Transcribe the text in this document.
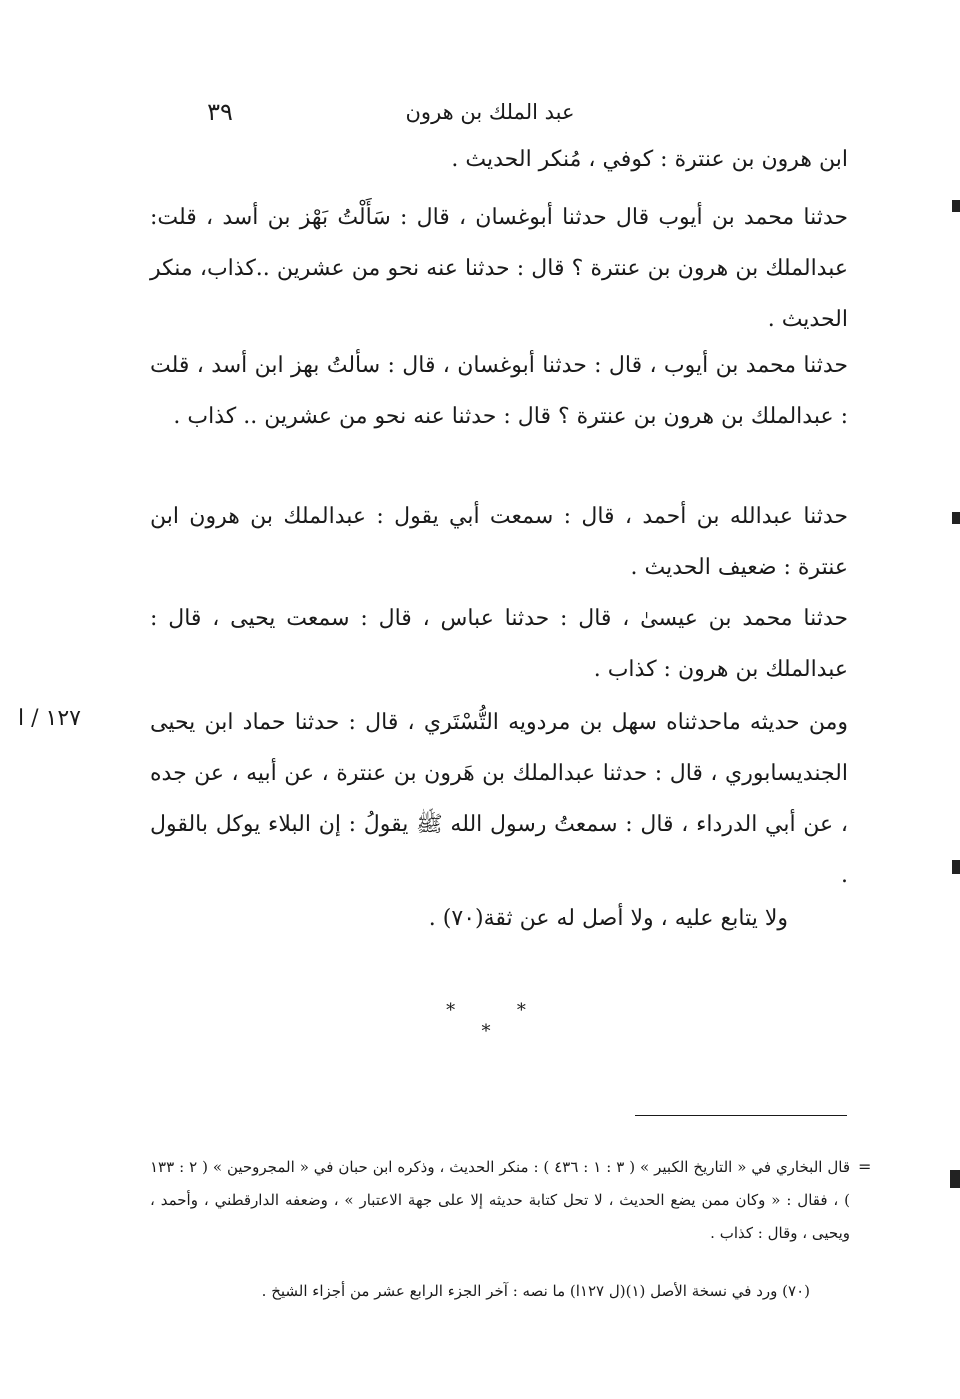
عبد الملك بن هرون
٣٩
ابن هرون بن عنترة : كوفي ، مُنكر الحديث .

حدثنا محمد بن أيوب قال حدثنا أبوغسان ، قال : سَأَلْتُ بَهْز بن أسد ، قلت: عبدالملك بن هرون بن عنترة ؟ قال : حدثنا عنه نحو من عشرين ..كذاب، منكر الحديث .

حدثنا محمد بن أيوب ، قال : حدثنا أبوغسان ، قال : سألتُ بهز ابن أسد ، قلت : عبدالملك بن هرون بن عنترة ؟ قال : حدثنا عنه نحو من عشرين .. كذاب .

حدثنا عبدالله بن أحمد ، قال : سمعت أبي يقول : عبدالملك بن هرون ابن عنترة : ضعيف الحديث .

حدثنا محمد بن عيسىٰ ، قال : حدثنا عباس ، قال : سمعت يحيى ، قال : عبدالملك بن هرون : كذاب .

ومن حديثه ماحدثناه سهل بن مردويه التُّسْتَري ، قال : حدثنا حماد ابن يحيى الجنديسابوري ، قال : حدثنا عبدالملك بن هَرون بن عنترة ، عن أبيه ، عن جده ، عن أبي الدرداء ، قال : سمعتُ رسول الله ﷺ يقولُ : إن البلاء يوكل بالقول .

١٢٧ / ا

ولا يتابع عليه ، ولا أصل له عن ثقة(٧٠) .

* * *
=

قال البخاري في « التاريخ الكبير » ( ٣ : ١ : ٤٣٦ ) : منكر الحديث ، وذكره ابن حبان في « المجروحين » ( ٢ : ١٣٣ ) ، فقال : « وكان ممن يضع الحديث ، لا تحل كتابة حديثه إلا على جهة الاعتبار » ، وضعفه الدارقطني ، وأحمد ، ويحيى ، وقال : كذاب .

(٧٠) ورد في نسخة الأصل (١)(ل ١٢٧ا) ما نصه : آخر الجزء الرابع عشر من أجزاء الشيخ .
